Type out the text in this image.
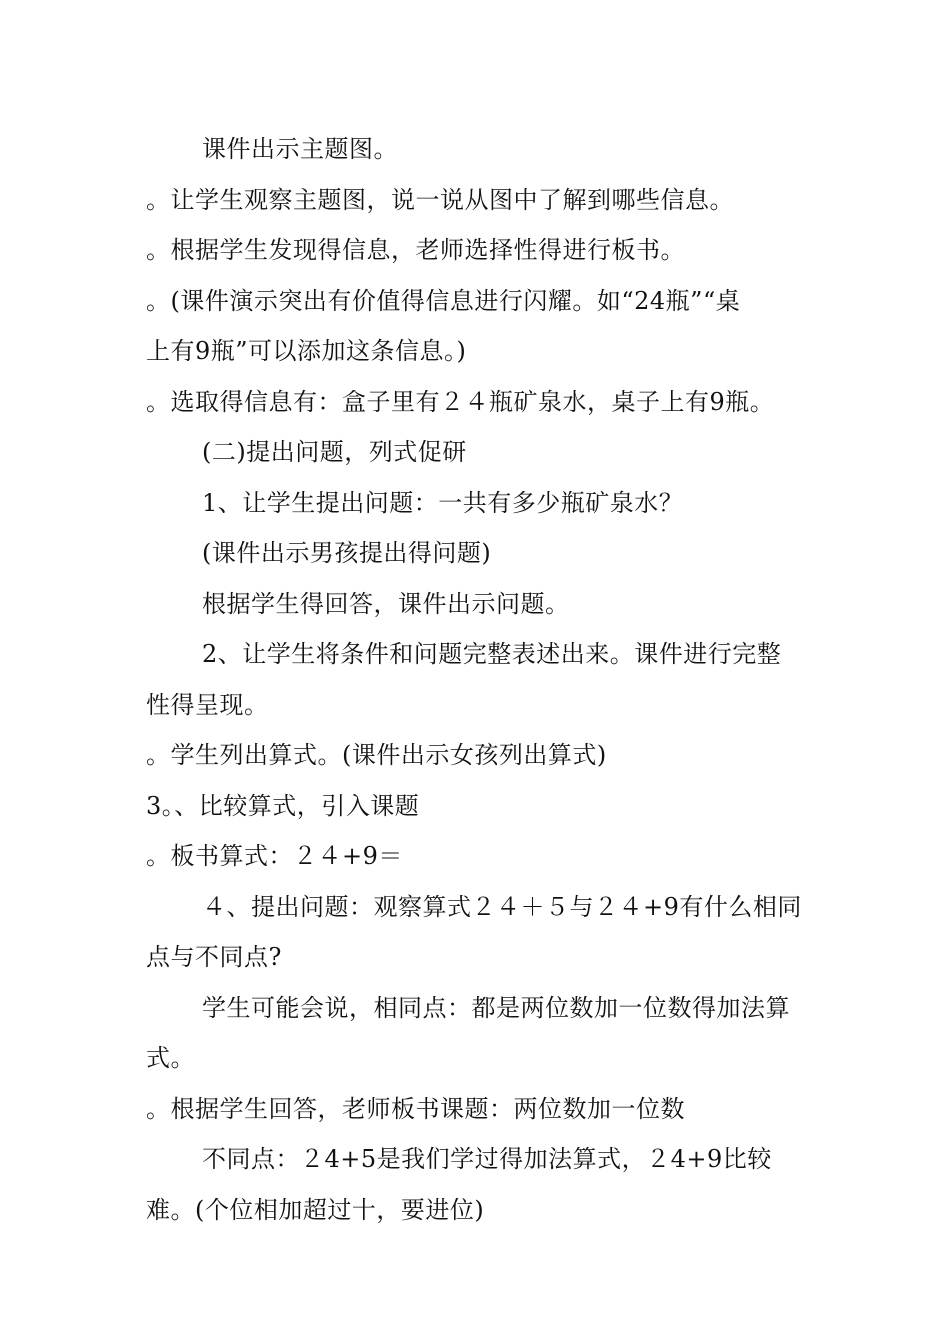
课件出示主题图。
。让学生观察主题图，说一说从图中了解到哪些信息。
。根据学生发现得信息，老师选择性得进行板书。
。(课件演示突出有价值得信息进行闪耀。如“24瓶”“桌
上有9瓶”可以添加这条信息。)
。选取得信息有：盒子里有２４瓶矿泉水，桌子上有9瓶。
(二)提出问题，列式促研
1、让学生提出问题：一共有多少瓶矿泉水？
(课件出示男孩提出得问题)
根据学生得回答，课件出示问题。
2、让学生将条件和问题完整表述出来。课件进行完整
性得呈现。
。学生列出算式。(课件出示女孩列出算式)
3。、比较算式，引入课题
。板书算式：２４+9＝
４、提出问题：观察算式２４＋５与２４+9有什么相同
点与不同点?
学生可能会说，相同点：都是两位数加一位数得加法算
式。
。根据学生回答，老师板书课题：两位数加一位数
不同点：２4+5是我们学过得加法算式，２4+9比较
难。(个位相加超过十，要进位)
